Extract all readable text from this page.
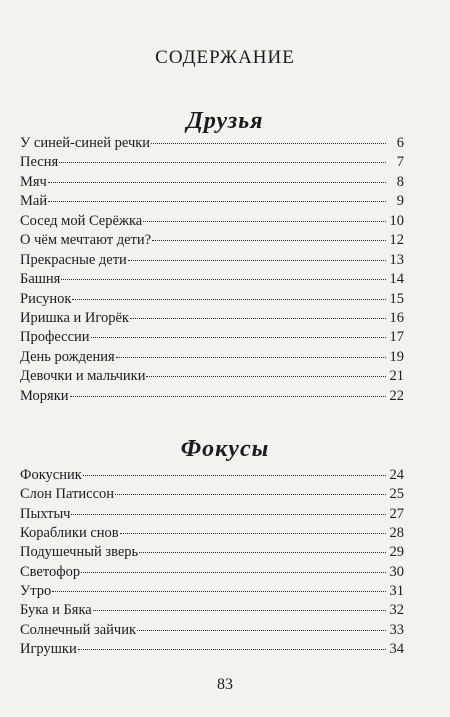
СОДЕРЖАНИЕ
Друзья
У синей-синей речки	6
Песня	7
Мяч	8
Май	9
Сосед мой Серёжка	10
О чём мечтают дети?	12
Прекрасные дети	13
Башня	14
Рисунок	15
Иришка и Игорёк	16
Профессии	17
День рождения	19
Девочки и мальчики	21
Моряки	22
Фокусы
Фокусник	24
Слон Патиссон	25
Пыхтыч	27
Кораблики снов	28
Подушечный зверь	29
Светофор	30
Утро	31
Бука и Бяка	32
Солнечный зайчик	33
Игрушки	34
83
